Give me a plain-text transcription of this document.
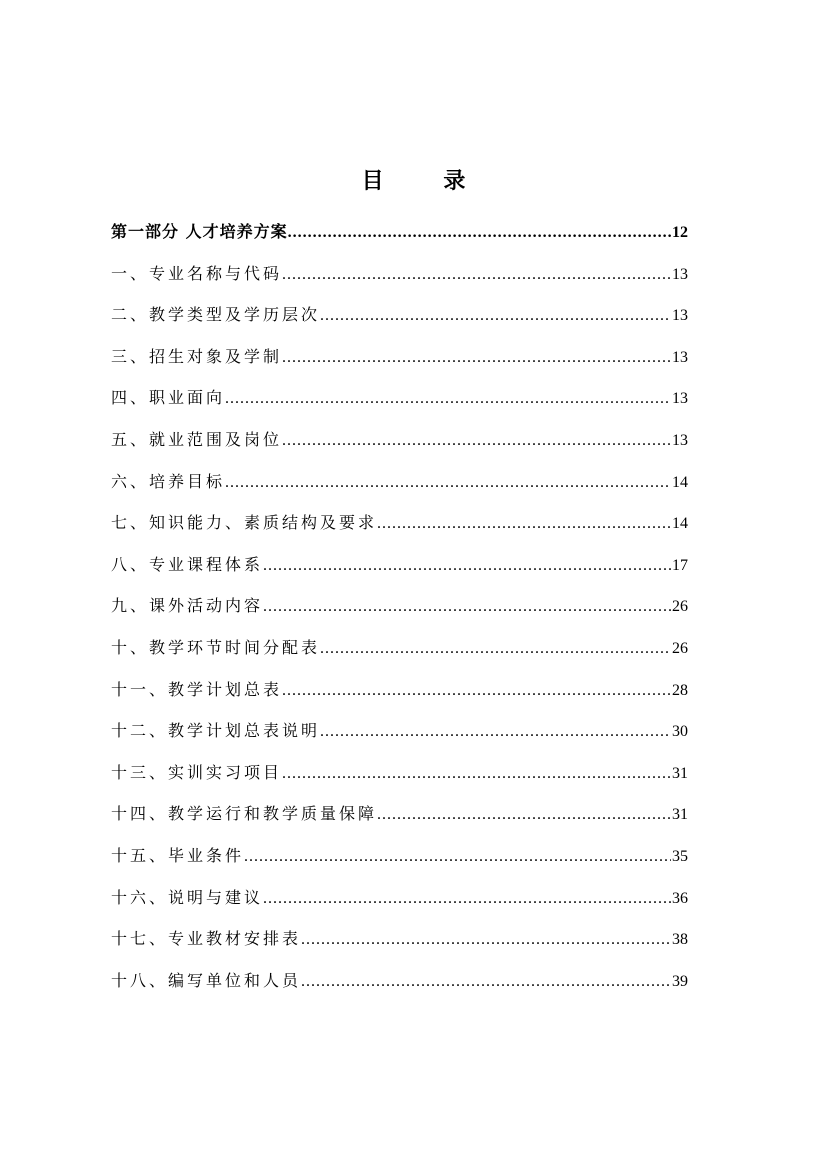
目 录
第一部分 人才培养方案 .....	12
一、专业名称与代码 .....	13
二、教学类型及学历层次 .....	13
三、招生对象及学制 .....	13
四、职业面向 .....	13
五、就业范围及岗位 .....	13
六、培养目标 .....	14
七、知识能力、素质结构及要求 .....	14
八、专业课程体系 .....	17
九、课外活动内容 .....	26
十、教学环节时间分配表 .....	26
十一、教学计划总表 .....	28
十二、教学计划总表说明 .....	30
十三、实训实习项目 .....	31
十四、教学运行和教学质量保障 .....	31
十五、毕业条件 .....	35
十六、说明与建议 .....	36
十七、专业教材安排表 .....	38
十八、编写单位和人员 .....	39
